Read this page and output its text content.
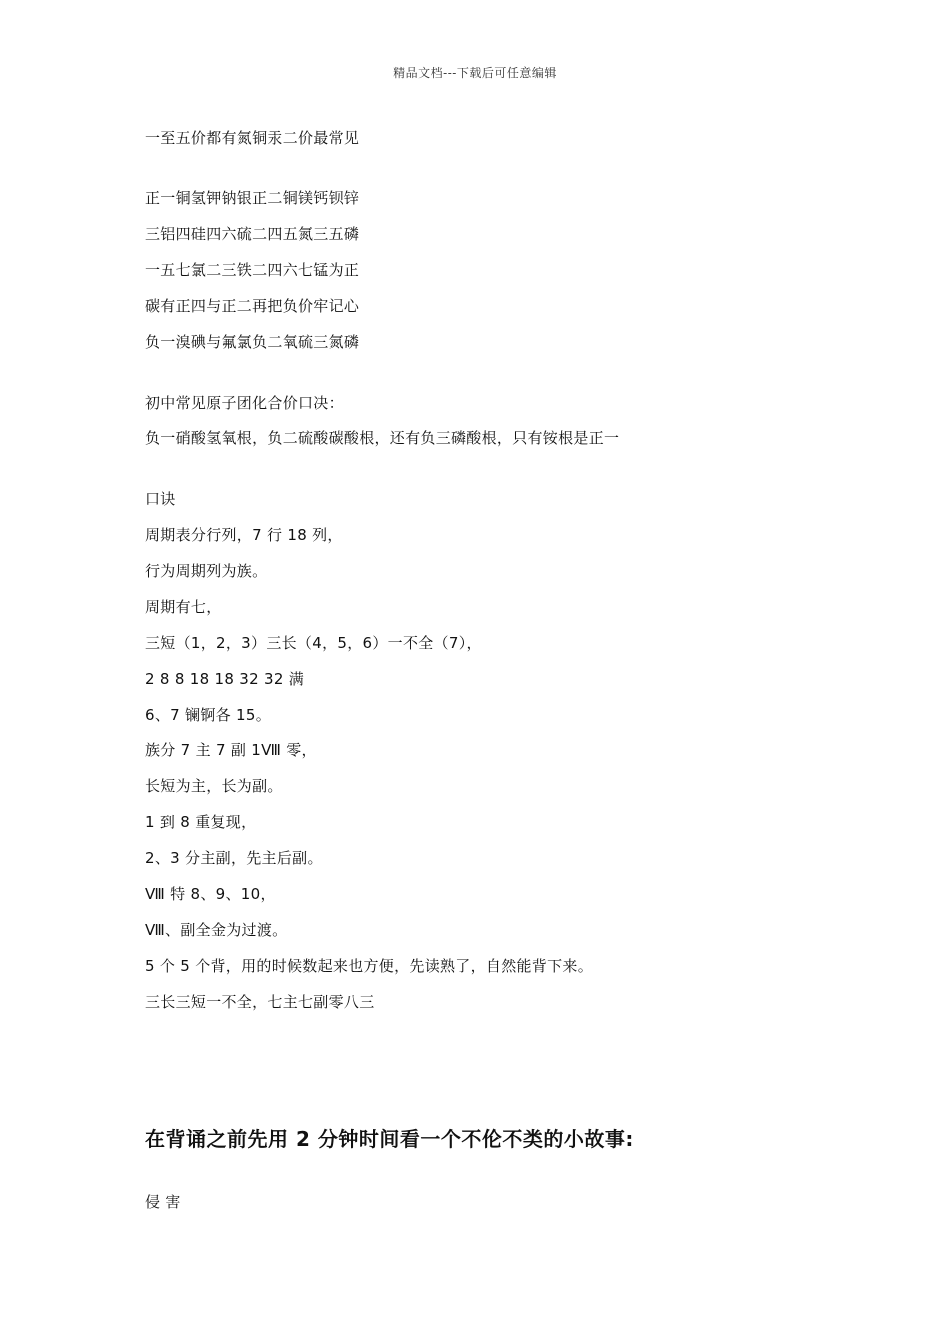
精品文档---下载后可任意编辑
一至五价都有氮铜汞二价最常见
正一铜氢钾钠银正二铜镁钙钡锌
三铝四硅四六硫二四五氮三五磷
一五七氯二三铁二四六七锰为正
碳有正四与正二再把负价牢记心
负一溴碘与氟氯负二氧硫三氮磷
初中常见原子团化合价口决：
负一硝酸氢氧根，负二硫酸碳酸根，还有负三磷酸根，只有铵根是正一
口诀
周期表分行列，7 行 18 列，
行为周期列为族。
周期有七，
三短（1，2，3）三长（4，5，6）一不全（7），
2 8 8 18 18 32 32 满
6、7 镧锕各 15。
族分 7 主 7 副 1Ⅷ 零，
长短为主，长为副。
1 到 8 重复现，
2、3 分主副，先主后副。
Ⅷ 特 8、9、10，
Ⅷ、副全金为过渡。
5 个 5 个背，用的时候数起来也方便，先读熟了，自然能背下来。
三长三短一不全，七主七副零八三
在背诵之前先用 2 分钟时间看一个不伦不类的小故事:
侵 害
